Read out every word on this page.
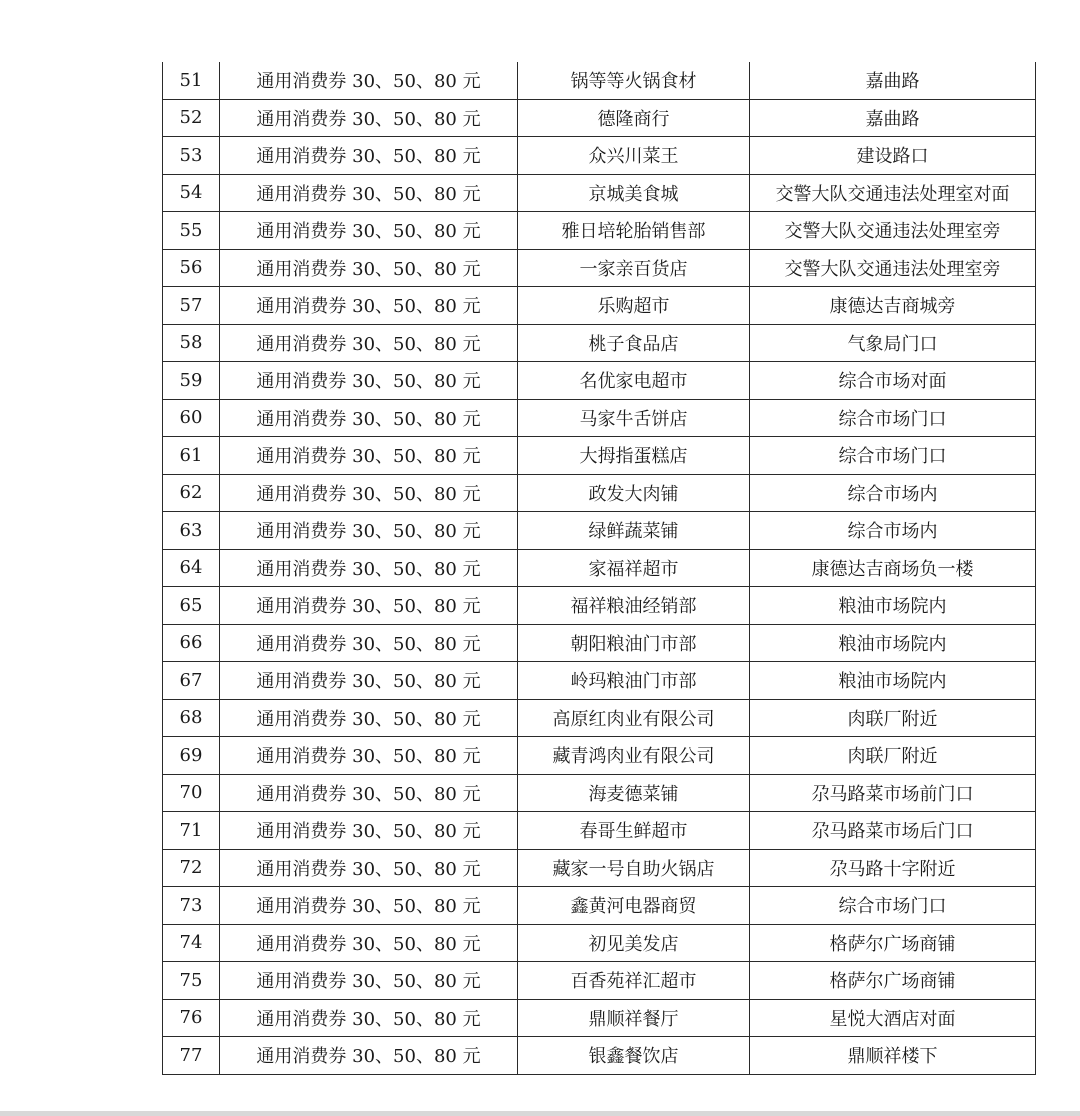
51	通用消费券 30、50、80 元	锅等等火锅食材	嘉曲路
52	通用消费券 30、50、80 元	德隆商行	嘉曲路
53	通用消费券 30、50、80 元	众兴川菜王	建设路口
54	通用消费券 30、50、80 元	京城美食城	交警大队交通违法处理室对面
55	通用消费券 30、50、80 元	雅日培轮胎销售部	交警大队交通违法处理室旁
56	通用消费券 30、50、80 元	一家亲百货店	交警大队交通违法处理室旁
57	通用消费券 30、50、80 元	乐购超市	康德达吉商城旁
58	通用消费券 30、50、80 元	桃子食品店	气象局门口
59	通用消费券 30、50、80 元	名优家电超市	综合市场对面
60	通用消费券 30、50、80 元	马家牛舌饼店	综合市场门口
61	通用消费券 30、50、80 元	大拇指蛋糕店	综合市场门口
62	通用消费券 30、50、80 元	政发大肉铺	综合市场内
63	通用消费券 30、50、80 元	绿鲜蔬菜铺	综合市场内
64	通用消费券 30、50、80 元	家福祥超市	康德达吉商场负一楼
65	通用消费券 30、50、80 元	福祥粮油经销部	粮油市场院内
66	通用消费券 30、50、80 元	朝阳粮油门市部	粮油市场院内
67	通用消费券 30、50、80 元	岭玛粮油门市部	粮油市场院内
68	通用消费券 30、50、80 元	高原红肉业有限公司	肉联厂附近
69	通用消费券 30、50、80 元	藏青鸿肉业有限公司	肉联厂附近
70	通用消费券 30、50、80 元	海麦德菜铺	尕马路菜市场前门口
71	通用消费券 30、50、80 元	春哥生鲜超市	尕马路菜市场后门口
72	通用消费券 30、50、80 元	藏家一号自助火锅店	尕马路十字附近
73	通用消费券 30、50、80 元	鑫黄河电器商贸	综合市场门口
74	通用消费券 30、50、80 元	初见美发店	格萨尔广场商铺
75	通用消费券 30、50、80 元	百香苑祥汇超市	格萨尔广场商铺
76	通用消费券 30、50、80 元	鼎顺祥餐厅	星悦大酒店对面
77	通用消费券 30、50、80 元	银鑫餐饮店	鼎顺祥楼下
